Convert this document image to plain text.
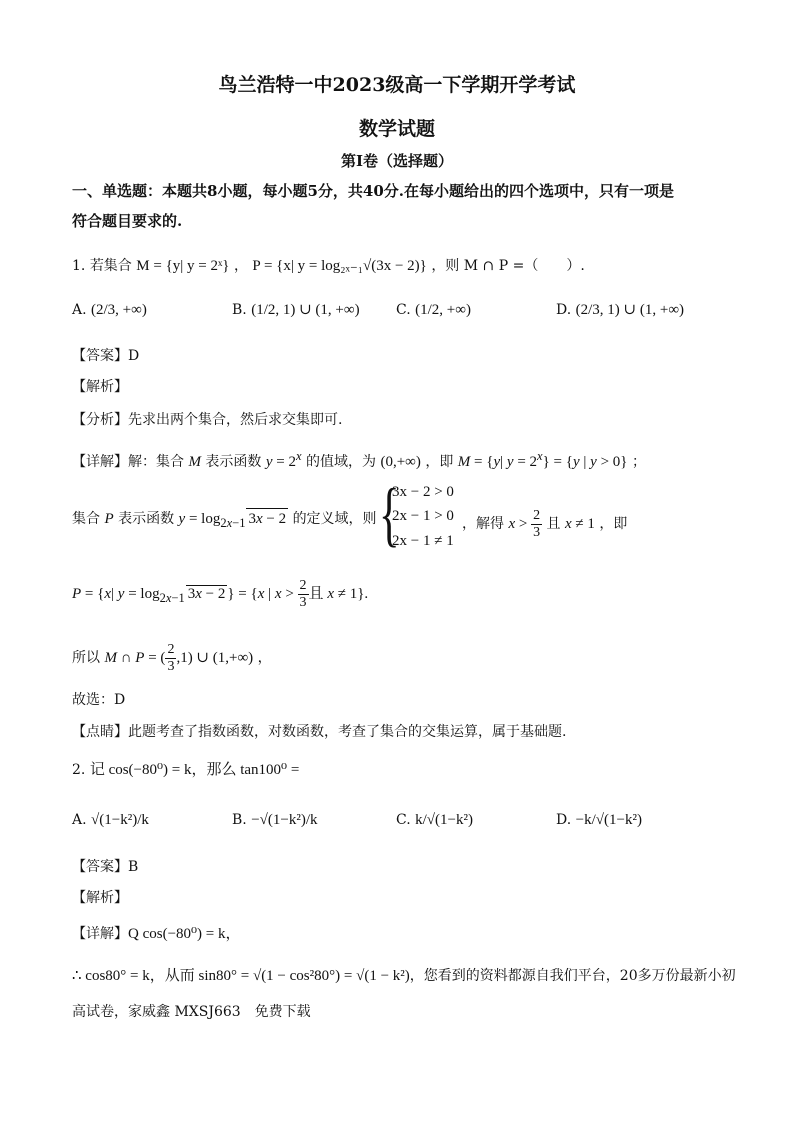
鸟兰浩特一中2023级高一下学期开学考试
数学试题
第Ⅰ卷（选择题）
一、单选题：本题共8小题，每小题5分，共40分.在每小题给出的四个选项中，只有一项是
符合题目要求的.
1. 若集合 M = {y| y = 2ˣ} ， P = {x| y = log₂ₓ₋₁√(3x − 2)} ，则 M ∩ P =（　　）.
A. (2/3, +∞)	B. (1/2, 1) ∪ (1, +∞)	C. (1/2, +∞)	D. (2/3, 1) ∪ (1, +∞)
【答案】D
【解析】
【分析】先求出两个集合，然后求交集即可.
【详解】解：集合 M 表示函数 $y = 2^x$ 的值域，为 (0,+∞) ，即 M = {y| $y = 2^x\} = \{y$ | y > 0} ；
集合 P 表示函数 $y = \log_{2x-1} 3x - 2$ 的定义域，则 {
3x − 2 > 0
2x − 1 > 0
2x − 1 ≠ 1
，解得 $x > \frac{2}{3}$ 且 x ≠ 1 ，即
P = {x| $y = \log_{2x-1} 3x - 2$ } = {x | $x > \frac{2}{3}$ 且 x ≠ 1}.
所以 M ∩ P = ( $\frac{2}{3} ,1$) ∪ (1,+∞) ，
故选：D
【点睛】此题考查了指数函数，对数函数，考查了集合的交集运算，属于基础题.
2. 记 cos(−80⁰) = k，那么 tan100⁰ =
A. √(1−k²)/k	B. −√(1−k²)/k	C. k/√(1−k²)	D. −k/√(1−k²)
【答案】B
【解析】
【详解】Q cos(−80⁰) = k，
∴ cos80° = k，从而 sin80° = √(1 − cos²80°) = √(1 − k²)，您看到的资料都源自我们平台，20多万份最新小初
高试卷，家威鑫 MXSJ663　免费下载
